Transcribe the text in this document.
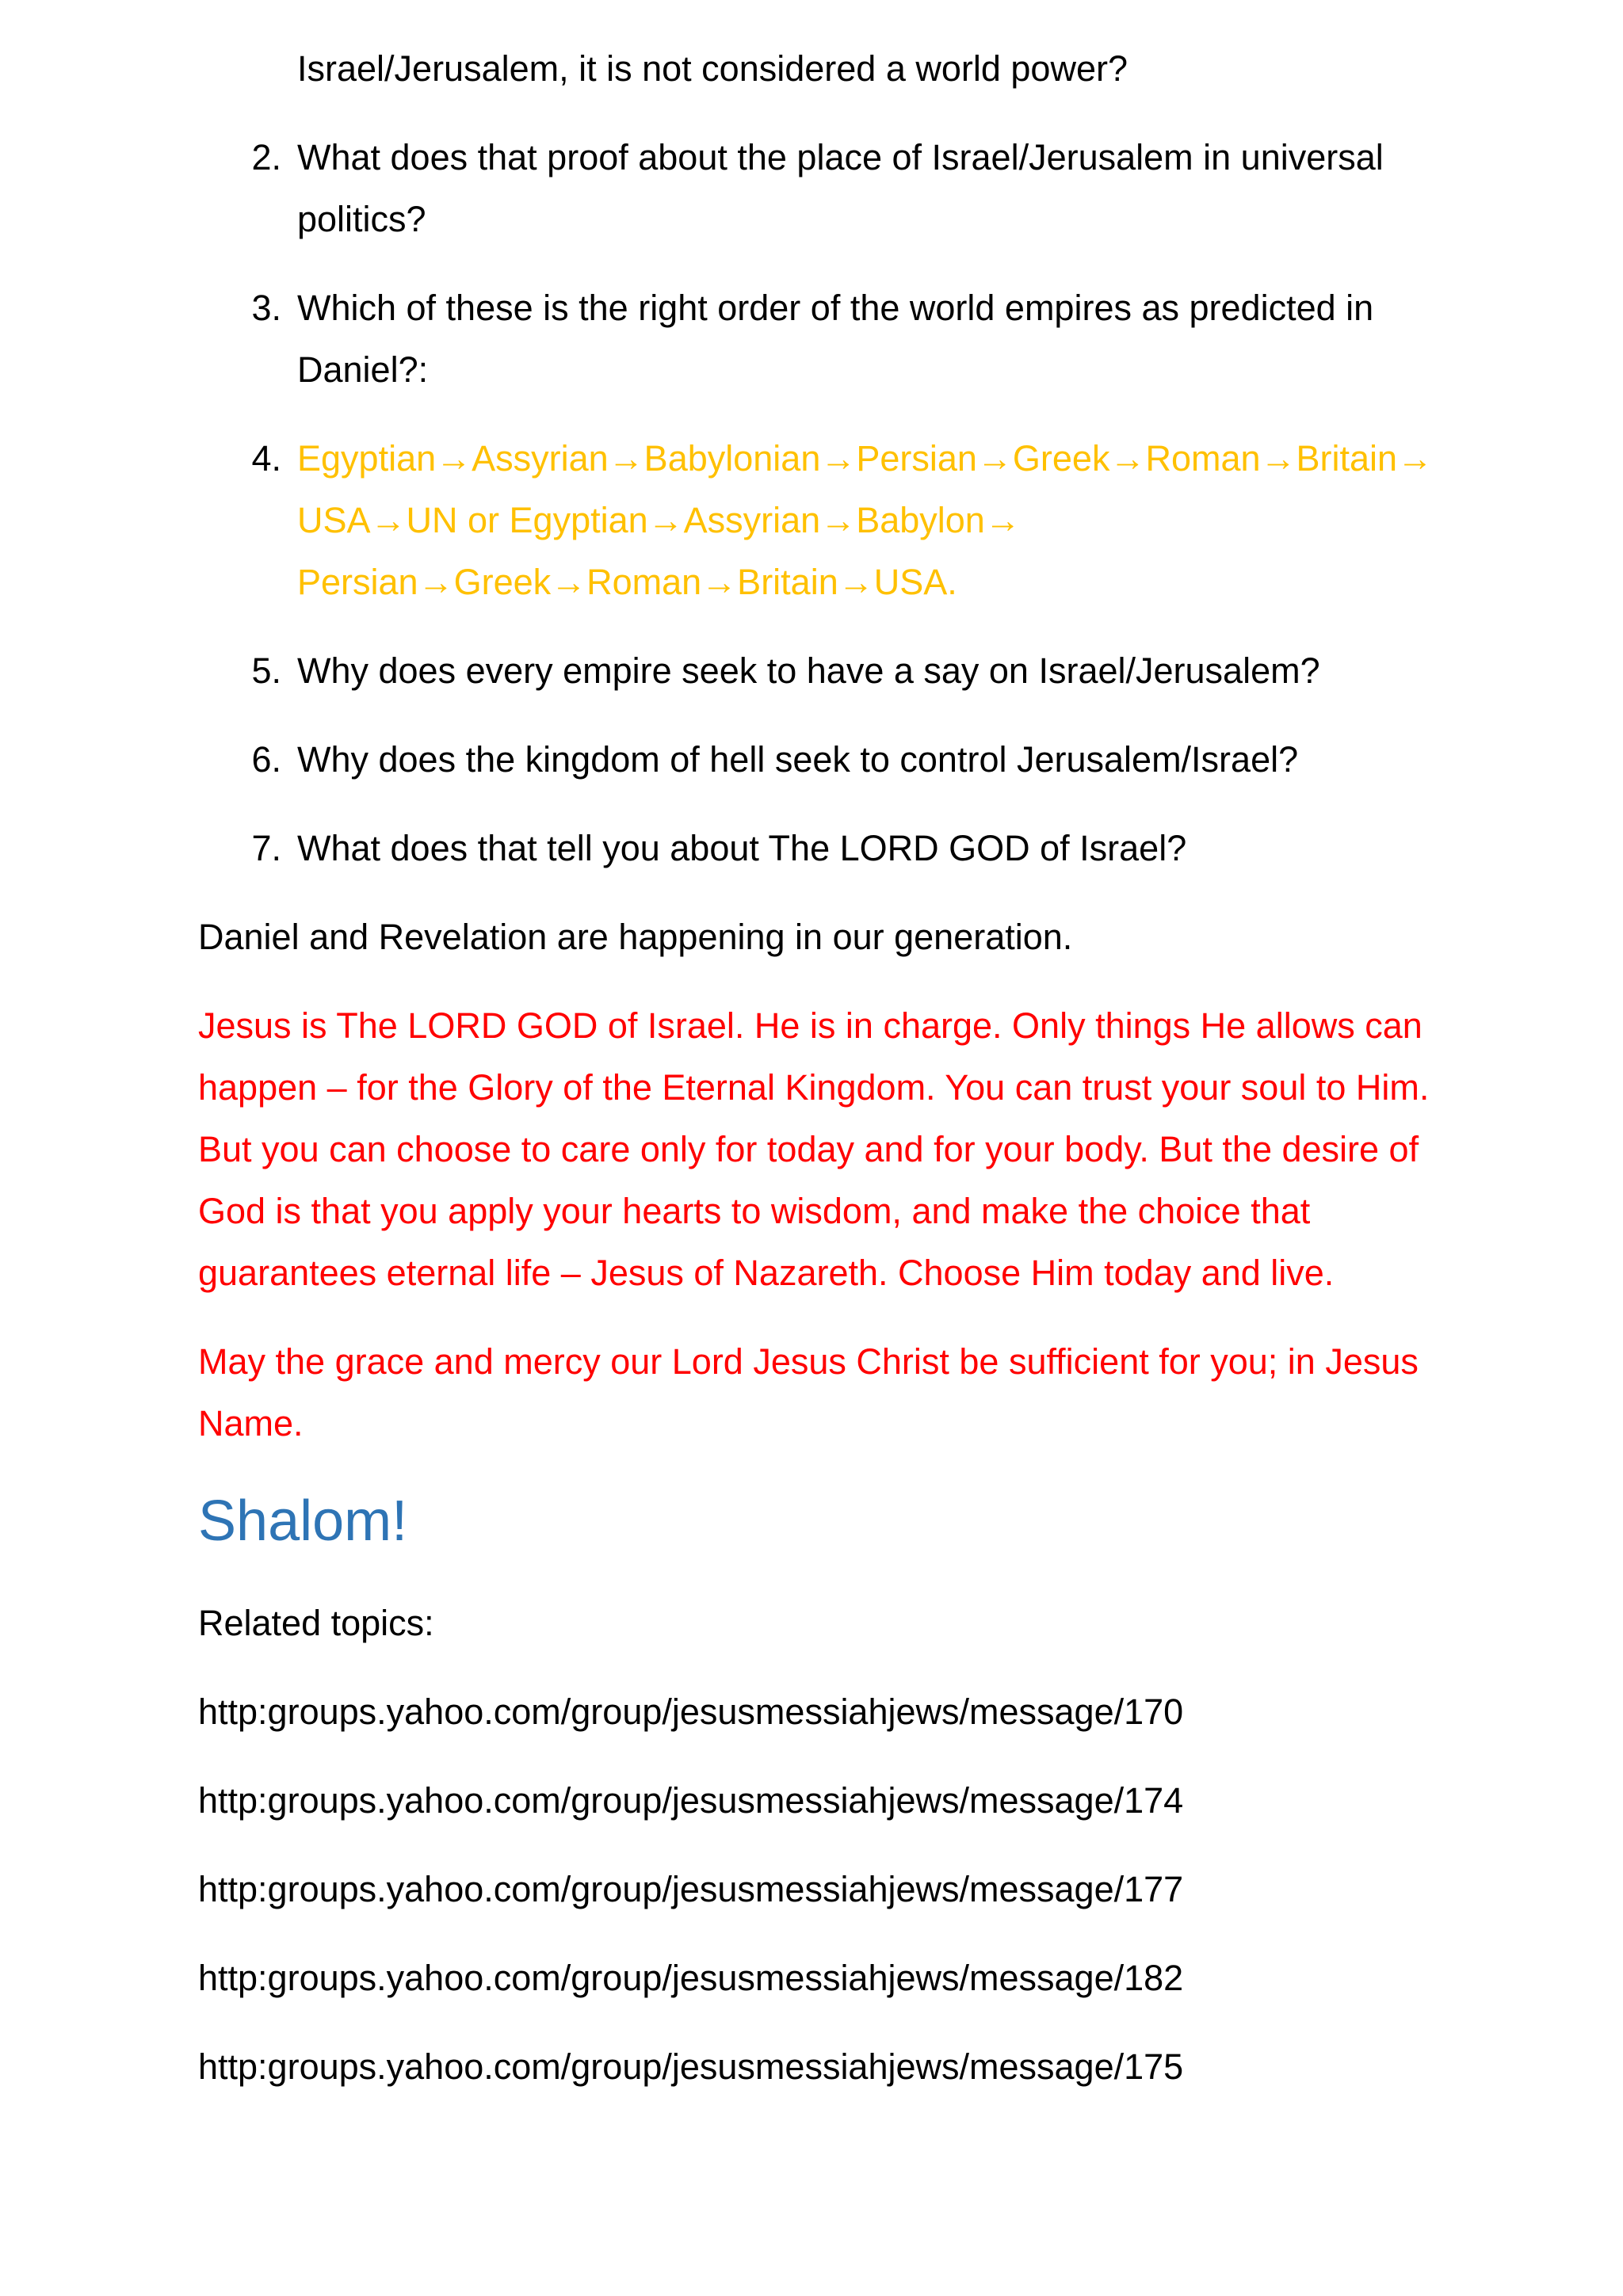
Israel/Jerusalem, it is not considered a world power?
2. What does that proof about the place of Israel/Jerusalem in universal politics?
3. Which of these is the right order of the world empires as predicted in Daniel?:
4. Egyptian→Assyrian→Babylonian→Persian→Greek→Roman→Britain→USA→UN or Egyptian→Assyrian→Babylon→ Persian→Greek→Roman→Britain→USA.
5. Why does every empire seek to have a say on Israel/Jerusalem?
6. Why does the kingdom of hell seek to control Jerusalem/Israel?
7. What does that tell you about The LORD GOD of Israel?

Daniel and Revelation are happening in our generation.

Jesus is The LORD GOD of Israel. He is in charge. Only things He allows can happen – for the Glory of the Eternal Kingdom. You can trust your soul to Him. But you can choose to care only for today and for your body. But the desire of God is that you apply your hearts to wisdom, and make the choice that guarantees eternal life – Jesus of Nazareth. Choose Him today and live.

May the grace and mercy our Lord Jesus Christ be sufficient for you; in Jesus Name.

Shalom!

Related topics:

http:groups.yahoo.com/group/jesusmessiahjews/message/170

http:groups.yahoo.com/group/jesusmessiahjews/message/174

http:groups.yahoo.com/group/jesusmessiahjews/message/177

http:groups.yahoo.com/group/jesusmessiahjews/message/182

http:groups.yahoo.com/group/jesusmessiahjews/message/175
